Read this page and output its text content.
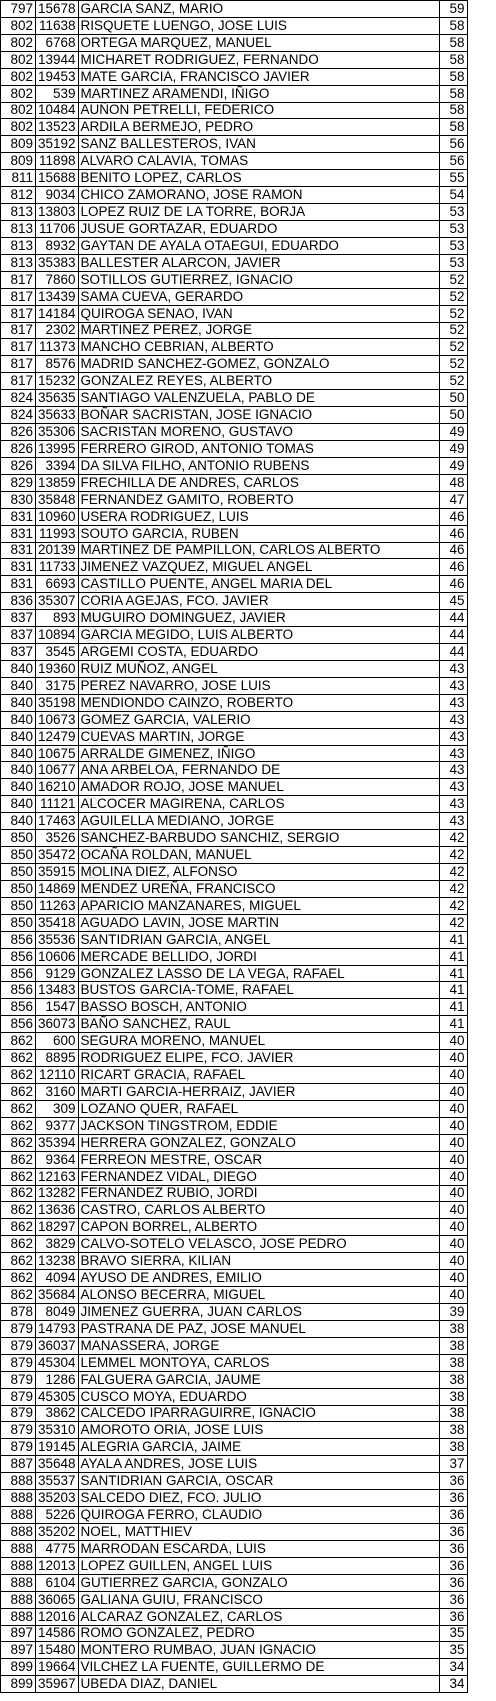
797	15678	GARCIA SANZ, MARIO	59
802	11638	RISQUETE LUENGO, JOSE LUIS	58
802	6768	ORTEGA MARQUEZ, MANUEL	58
802	13944	MICHARET RODRIGUEZ, FERNANDO	58
802	19453	MATE GARCIA, FRANCISCO JAVIER	58
802	539	MARTINEZ ARAMENDI, IÑIGO	58
802	10484	AUÑON PETRELLI, FEDERICO	58
802	13523	ARDILA BERMEJO, PEDRO	58
809	35192	SANZ BALLESTEROS, IVAN	56
809	11898	ALVARO CALAVIA, TOMAS	56
811	15688	BENITO LOPEZ, CARLOS	55
812	9034	CHICO ZAMORANO, JOSE RAMON	54
813	13803	LOPEZ RUIZ DE LA TORRE, BORJA	53
813	11706	JUSUE GORTAZAR, EDUARDO	53
813	8932	GAYTAN DE AYALA OTAEGUI, EDUARDO	53
813	35383	BALLESTER ALARCON, JAVIER	53
817	7860	SOTILLOS GUTIERREZ, IGNACIO	52
817	13439	SAMA CUEVA, GERARDO	52
817	14184	QUIROGA SENAO, IVAN	52
817	2302	MARTINEZ PEREZ, JORGE	52
817	11373	MANCHO CEBRIAN, ALBERTO	52
817	8576	MADRID SANCHEZ-GOMEZ, GONZALO	52
817	15232	GONZALEZ REYES, ALBERTO	52
824	35635	SANTIAGO VALENZUELA, PABLO DE	50
824	35633	BOÑAR SACRISTAN, JOSE IGNACIO	50
826	35306	SACRISTAN MORENO, GUSTAVO	49
826	13995	FERRERO GIROD, ANTONIO TOMAS	49
826	3394	DA SILVA FILHO, ANTONIO RUBENS	49
829	13859	FRECHILLA DE ANDRES, CARLOS	48
830	35848	FERNANDEZ GAMITO, ROBERTO	47
831	10960	USERA RODRIGUEZ, LUIS	46
831	11993	SOUTO GARCIA, RUBEN	46
831	20139	MARTINEZ DE PAMPILLON, CARLOS ALBERTO	46
831	11733	JIMENEZ VAZQUEZ, MIGUEL ANGEL	46
831	6693	CASTILLO PUENTE, ANGEL MARIA DEL	46
836	35307	CORIA AGEJAS, FCO. JAVIER	45
837	893	MUGUIRO DOMINGUEZ, JAVIER	44
837	10894	GARCIA MEGIDO, LUIS ALBERTO	44
837	3545	ARGEMI COSTA, EDUARDO	44
840	19360	RUIZ MUÑOZ, ANGEL	43
840	3175	PEREZ NAVARRO, JOSE LUIS	43
840	35198	MENDIONDO CAINZO, ROBERTO	43
840	10673	GOMEZ GARCIA, VALERIO	43
840	12479	CUEVAS MARTIN, JORGE	43
840	10675	ARRALDE GIMENEZ, IÑIGO	43
840	10677	ANA ARBELOA, FERNANDO DE	43
840	16210	AMADOR ROJO, JOSE MANUEL	43
840	11121	ALCOCER MAGIRENA, CARLOS	43
840	17463	AGUILELLA MEDIANO, JORGE	43
850	3526	SANCHEZ-BARBUDO SANCHIZ, SERGIO	42
850	35472	OCAÑA ROLDAN, MANUEL	42
850	35915	MOLINA DIEZ, ALFONSO	42
850	14869	MENDEZ UREÑA, FRANCISCO	42
850	11263	APARICIO MANZANARES, MIGUEL	42
850	35418	AGUADO LAVIN, JOSE MARTIN	42
856	35536	SANTIDRIAN GARCIA, ANGEL	41
856	10606	MERCADE BELLIDO, JORDI	41
856	9129	GONZALEZ LASSO DE LA VEGA, RAFAEL	41
856	13483	BUSTOS GARCIA-TOME, RAFAEL	41
856	1547	BASSO BOSCH, ANTONIO	41
856	36073	BAÑO SANCHEZ, RAUL	41
862	600	SEGURA MORENO, MANUEL	40
862	8895	RODRIGUEZ ELIPE, FCO. JAVIER	40
862	12110	RICART GRACIA, RAFAEL	40
862	3160	MARTI GARCIA-HERRAIZ, JAVIER	40
862	309	LOZANO QUER, RAFAEL	40
862	9377	JACKSON TINGSTROM, EDDIE	40
862	35394	HERRERA GONZALEZ, GONZALO	40
862	9364	FERREON MESTRE, OSCAR	40
862	12163	FERNANDEZ VIDAL, DIEGO	40
862	13282	FERNANDEZ RUBIO, JORDI	40
862	13636	CASTRO, CARLOS ALBERTO	40
862	18297	CAPON BORREL, ALBERTO	40
862	3829	CALVO-SOTELO VELASCO, JOSE PEDRO	40
862	13238	BRAVO SIERRA, KILIAN	40
862	4094	AYUSO DE ANDRES, EMILIO	40
862	35684	ALONSO BECERRA, MIGUEL	40
878	8049	JIMENEZ GUERRA, JUAN CARLOS	39
879	14793	PASTRANA DE PAZ, JOSE MANUEL	38
879	36037	MANASSERA, JORGE	38
879	45304	LEMMEL MONTOYA, CARLOS	38
879	1286	FALGUERA GARCIA, JAUME	38
879	45305	CUSCO MOYA, EDUARDO	38
879	3862	CALCEDO IPARRAGUIRRE, IGNACIO	38
879	35310	AMOROTO ORIA, JOSE LUIS	38
879	19145	ALEGRIA GARCIA, JAIME	38
887	35648	AYALA ANDRES, JOSE LUIS	37
888	35537	SANTIDRIAN GARCIA, OSCAR	36
888	35203	SALCEDO DIEZ, FCO. JULIO	36
888	5226	QUIROGA FERRO, CLAUDIO	36
888	35202	NOEL, MATTHIEV	36
888	4775	MARRODAN ESCARDA, LUIS	36
888	12013	LOPEZ GUILLEN, ANGEL LUIS	36
888	6104	GUTIERREZ GARCIA, GONZALO	36
888	36065	GALIANA GUIU, FRANCISCO	36
888	12016	ALCARAZ GONZALEZ, CARLOS	36
897	14586	ROMO GONZALEZ, PEDRO	35
897	15480	MONTERO RUMBAO, JUAN IGNACIO	35
899	19664	VILCHEZ LA FUENTE, GUILLERMO DE	34
899	35967	UBEDA DIAZ, DANIEL	34
www.fbm.es — Federación de Baloncesto de Madrid
